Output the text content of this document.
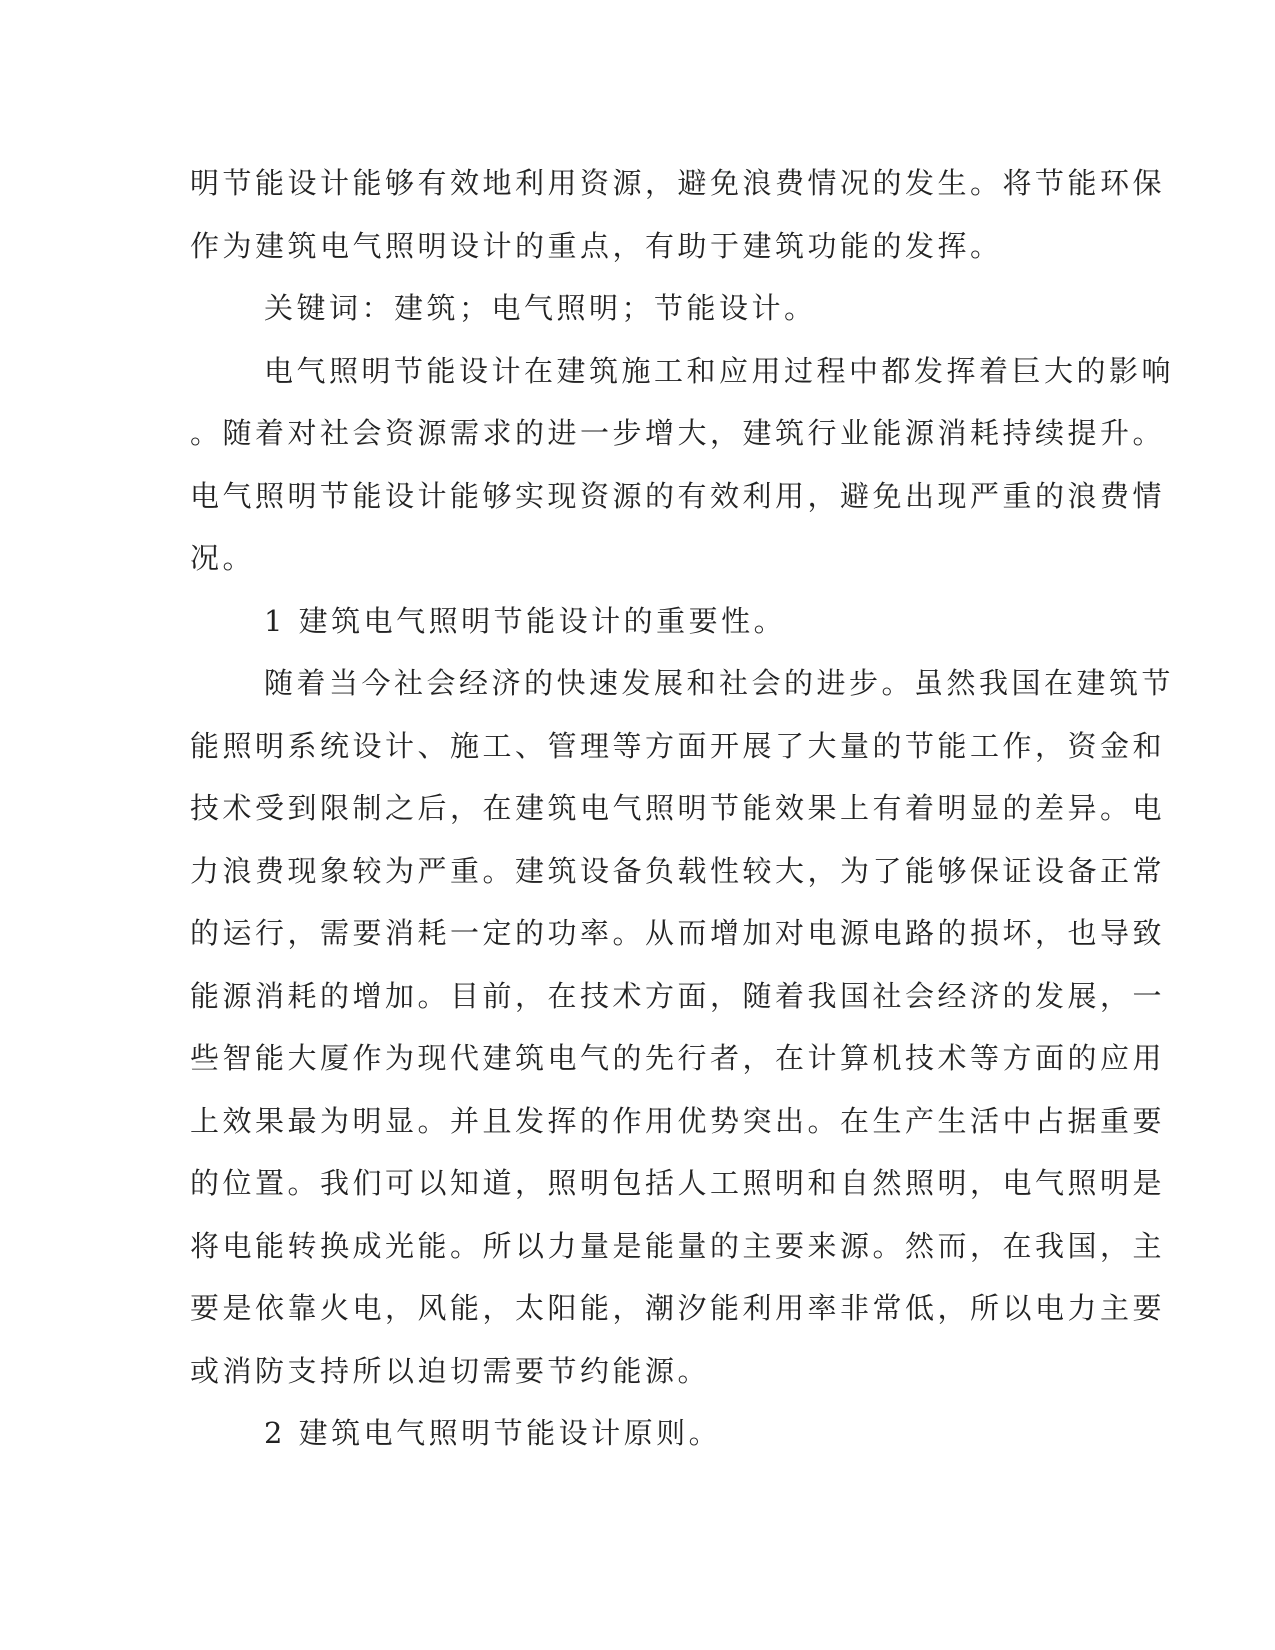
明节能设计能够有效地利用资源，避免浪费情况的发生。将节能环保
作为建筑电气照明设计的重点，有助于建筑功能的发挥。

关键词：建筑；电气照明；节能设计。

电气照明节能设计在建筑施工和应用过程中都发挥着巨大的影响
。随着对社会资源需求的进一步增大，建筑行业能源消耗持续提升。
电气照明节能设计能够实现资源的有效利用，避免出现严重的浪费情
况。

1 建筑电气照明节能设计的重要性。

随着当今社会经济的快速发展和社会的进步。虽然我国在建筑节
能照明系统设计、施工、管理等方面开展了大量的节能工作，资金和
技术受到限制之后，在建筑电气照明节能效果上有着明显的差异。电
力浪费现象较为严重。建筑设备负载性较大，为了能够保证设备正常
的运行，需要消耗一定的功率。从而增加对电源电路的损坏，也导致
能源消耗的增加。目前，在技术方面，随着我国社会经济的发展，一
些智能大厦作为现代建筑电气的先行者，在计算机技术等方面的应用
上效果最为明显。并且发挥的作用优势突出。在生产生活中占据重要
的位置。我们可以知道，照明包括人工照明和自然照明，电气照明是
将电能转换成光能。所以力量是能量的主要来源。然而，在我国，主
要是依靠火电，风能，太阳能，潮汐能利用率非常低，所以电力主要
或消防支持所以迫切需要节约能源。

2 建筑电气照明节能设计原则。
